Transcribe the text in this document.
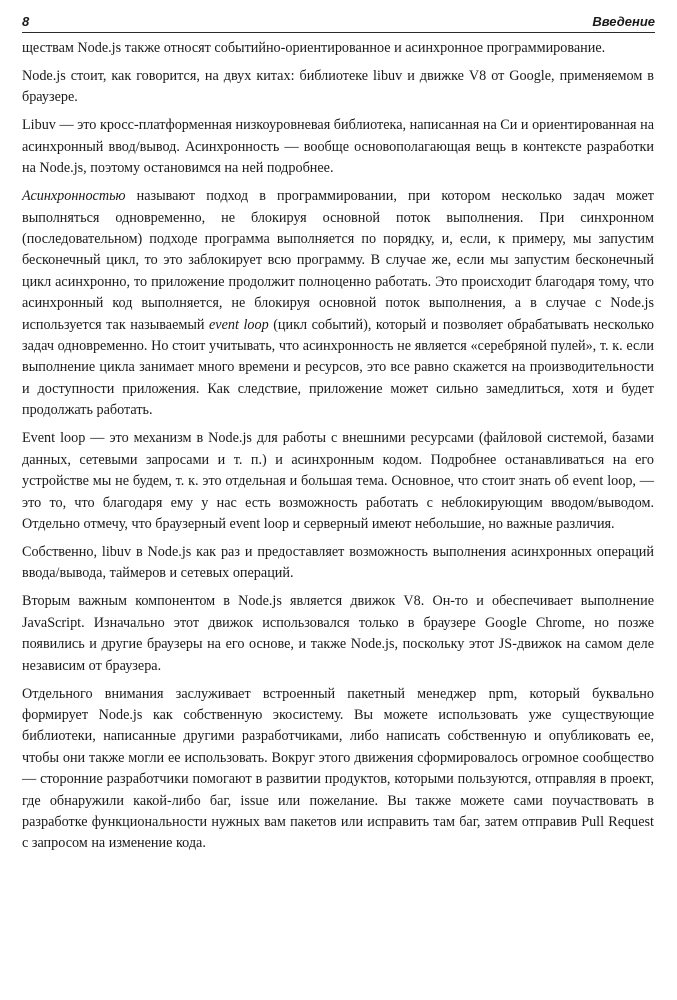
8	Введение

ществам Node.js также относят событийно-ориентированное и асинхронное программирование.

Node.js стоит, как говорится, на двух китах: библиотеке libuv и движке V8 от Google, применяемом в браузере.

Libuv — это кросс-платформенная низкоуровневая библиотека, написанная на Си и ориентированная на асинхронный ввод/вывод. Асинхронность — вообще основополагающая вещь в контексте разработки на Node.js, поэтому остановимся на ней подробнее.

Асинхронностью называют подход в программировании, при котором несколько задач может выполняться одновременно, не блокируя основной поток выполнения. При синхронном (последовательном) подходе программа выполняется по порядку, и, если, к примеру, мы запустим бесконечный цикл, то это заблокирует всю программу. В случае же, если мы запустим бесконечный цикл асинхронно, то приложение продолжит полноценно работать. Это происходит благодаря тому, что асинхронный код выполняется, не блокируя основной поток выполнения, а в случае с Node.js используется так называемый event loop (цикл событий), который и позволяет обрабатывать несколько задач одновременно. Но стоит учитывать, что асинхронность не является «серебряной пулей», т. к. если выполнение цикла занимает много времени и ресурсов, это все равно скажется на производительности и доступности приложения. Как следствие, приложение может сильно замедлиться, хотя и будет продолжать работать.

Event loop — это механизм в Node.js для работы с внешними ресурсами (файловой системой, базами данных, сетевыми запросами и т. п.) и асинхронным кодом. Подробнее останавливаться на его устройстве мы не будем, т. к. это отдельная и большая тема. Основное, что стоит знать об event loop, — это то, что благодаря ему у нас есть возможность работать с неблокирующим вводом/выводом. Отдельно отмечу, что браузерный event loop и серверный имеют небольшие, но важные различия.

Собственно, libuv в Node.js как раз и предоставляет возможность выполнения асинхронных операций ввода/вывода, таймеров и сетевых операций.

Вторым важным компонентом в Node.js является движок V8. Он-то и обеспечивает выполнение JavaScript. Изначально этот движок использовался только в браузере Google Chrome, но позже появились и другие браузеры на его основе, и также Node.js, поскольку этот JS-движок на самом деле независим от браузера.

Отдельного внимания заслуживает встроенный пакетный менеджер npm, который буквально формирует Node.js как собственную экосистему. Вы можете использовать уже существующие библиотеки, написанные другими разработчиками, либо написать собственную и опубликовать ее, чтобы они также могли ее использовать. Вокруг этого движения сформировалось огромное сообщество — сторонние разработчики помогают в развитии продуктов, которыми пользуются, отправляя в проект, где обнаружили какой-либо баг, issue или пожелание. Вы также можете сами поучаствовать в разработке функциональности нужных вам пакетов или исправить там баг, затем отправив Pull Request с запросом на изменение кода.
